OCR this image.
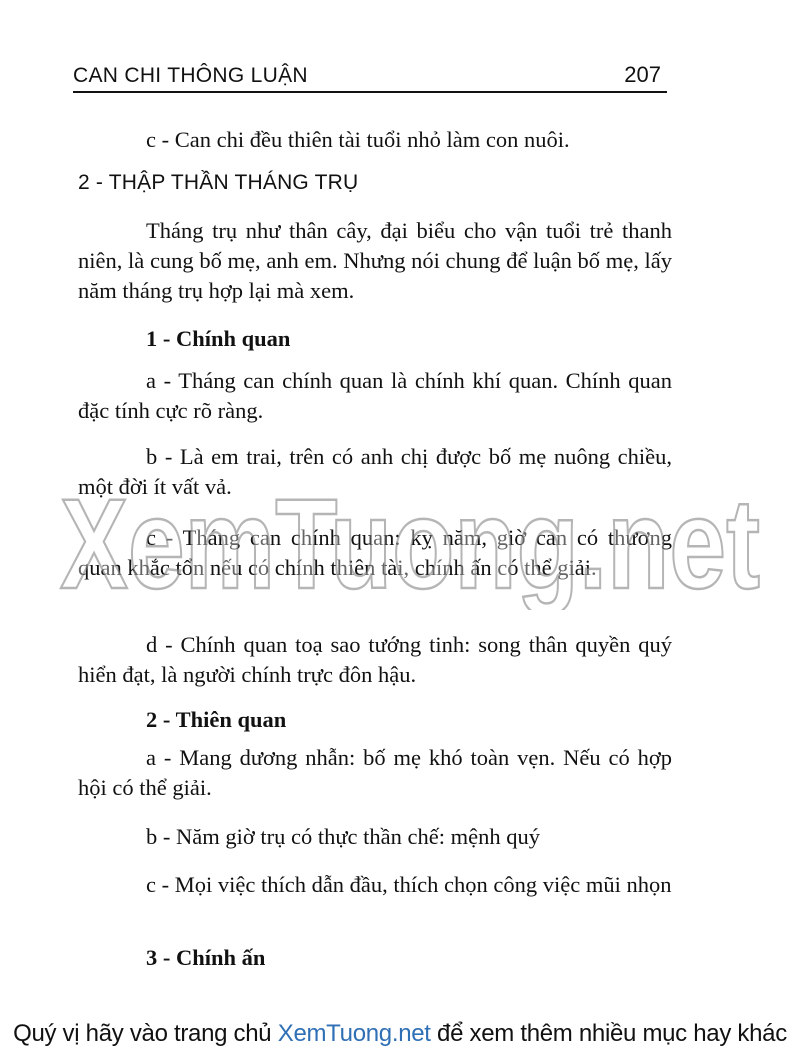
CAN CHI THÔNG LUẬN	207
c - Can chi đều thiên tài tuổi nhỏ làm con nuôi.
2 - THẬP THẦN THÁNG TRỤ
Tháng trụ như thân cây, đại biểu cho vận tuổi trẻ thanh niên, là cung bố mẹ, anh em. Nhưng nói chung để luận bố mẹ, lấy năm tháng trụ hợp lại mà xem.
1 - Chính quan
a - Tháng can chính quan là chính khí quan. Chính quan đặc tính cực rõ ràng.
b - Là em trai, trên có anh chị được bố mẹ nuông chiều, một đời ít vất vả.
c - Tháng can chính quan: kỵ năm, giờ can có thương quan khắc tổn nếu có chính thiên tài, chính ấn có thể giải.
d - Chính quan toạ sao tướng tinh: song thân quyền quý hiển đạt, là người chính trực đôn hậu.
2 - Thiên quan
a - Mang dương nhẫn: bố mẹ khó toàn vẹn. Nếu có hợp hội có thể giải.
b - Năm giờ trụ có thực thần chế: mệnh quý
c - Mọi việc thích dẫn đầu, thích chọn công việc mũi nhọn
3 - Chính ấn
XemTuong.net
Quý vị hãy vào trang chủ XemTuong.net để xem thêm nhiều mục hay khác
